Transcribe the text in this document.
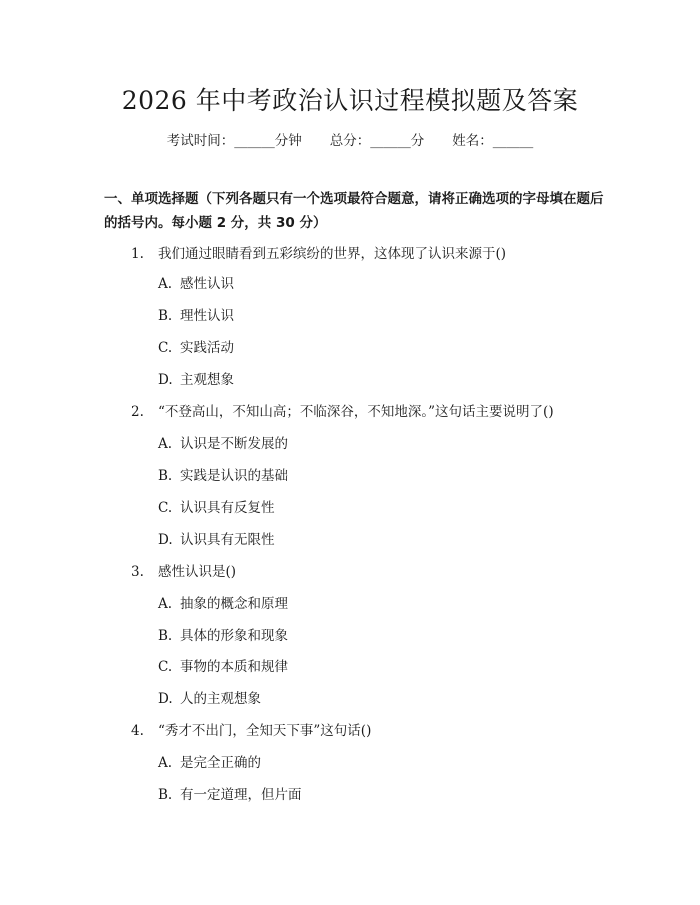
2026 年中考政治认识过程模拟题及答案
考试时间：______分钟 总分：______分 姓名：______
一、单项选择题（下列各题只有一个选项最符合题意，请将正确选项的字母填在题后的括号内。每小题 2 分，共 30 分）
1. 我们通过眼睛看到五彩缤纷的世界，这体现了认识来源于()
A. 感性认识
B. 理性认识
C. 实践活动
D. 主观想象
2. “不登高山，不知山高；不临深谷，不知地深。”这句话主要说明了()
A. 认识是不断发展的
B. 实践是认识的基础
C. 认识具有反复性
D. 认识具有无限性
3. 感性认识是()
A. 抽象的概念和原理
B. 具体的形象和现象
C. 事物的本质和规律
D. 人的主观想象
4. “秀才不出门，全知天下事”这句话()
A. 是完全正确的
B. 有一定道理，但片面
